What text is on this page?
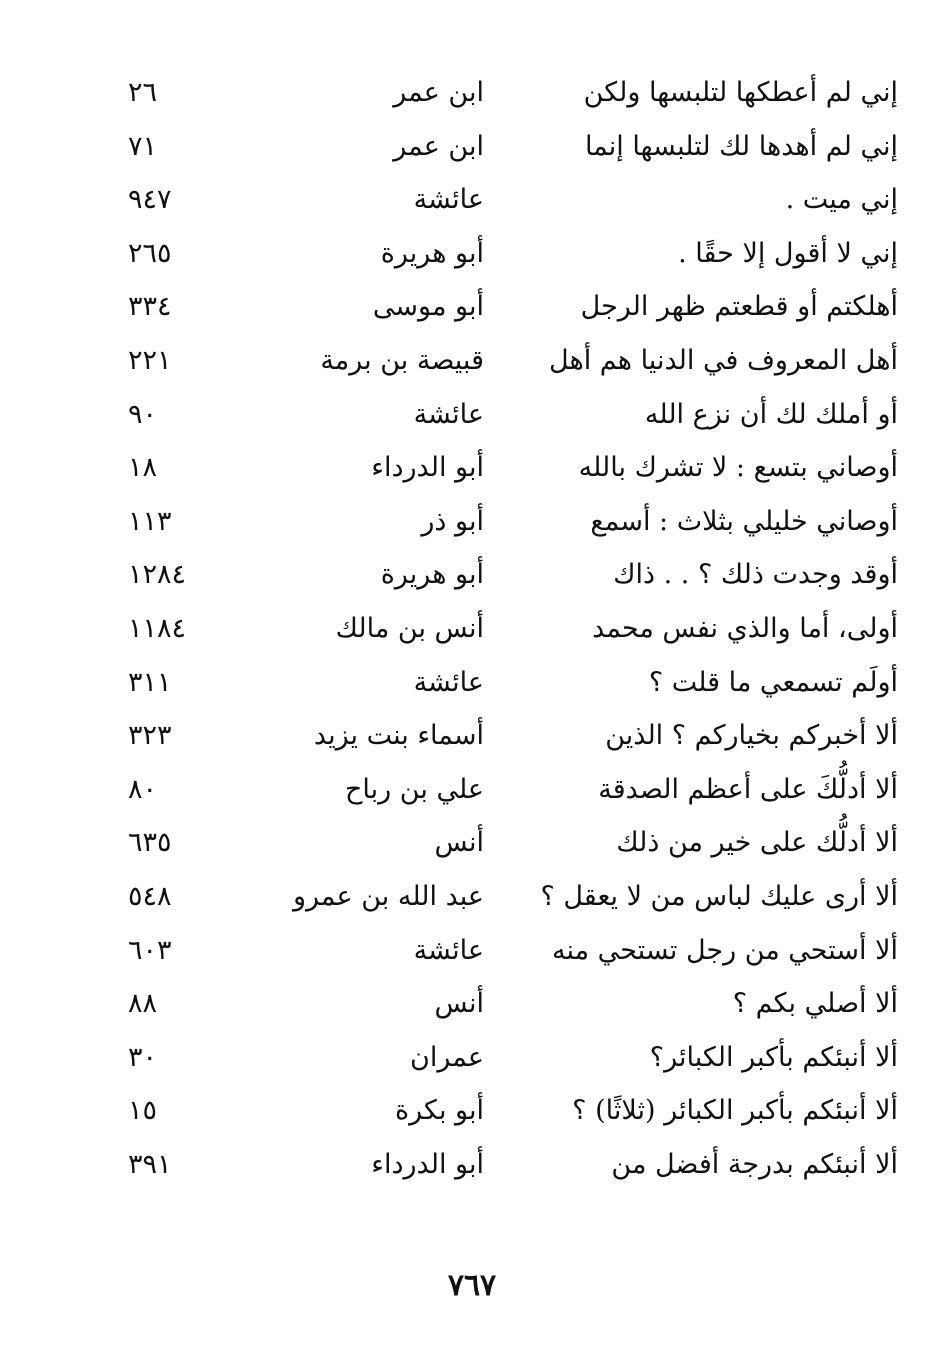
إني لم أعطكها لتلبسها ولكن
ابن عمر
٢٦
إني لم أهدها لك لتلبسها إنما
ابن عمر
٧١
إني ميت .
عائشة
٩٤٧
إني لا أقول إلا حقًا .
أبو هريرة
٢٦٥
أهلكتم أو قطعتم ظهر الرجل
أبو موسى
٣٣٤
أهل المعروف في الدنيا هم أهل
قبيصة بن برمة
٢٢١
أو أملك لك أن نزع الله
عائشة
٩٠
أوصاني بتسع : لا تشرك بالله
أبو الدرداء
١٨
أوصاني خليلي بثلاث : أسمع
أبو ذر
١١٣
أوقد وجدت ذلك ؟ . . ذاك
أبو هريرة
١٢٨٤
أولى، أما والذي نفس محمد
أنس بن مالك
١١٨٤
أولَم تسمعي ما قلت ؟
عائشة
٣١١
ألا أخبركم بخياركم ؟ الذين
أسماء بنت يزيد
٣٢٣
ألا أدلُّكَ على أعظم الصدقة
علي بن رباح
٨٠
ألا أدلُّك على خير من ذلك
أنس
٦٣٥
ألا أرى عليك لباس من لا يعقل ؟
عبد الله بن عمرو
٥٤٨
ألا أستحي من رجل تستحي منه
عائشة
٦٠٣
ألا أصلي بكم ؟
أنس
٨٨
ألا أنبئكم بأكبر الكبائر؟
عمران
٣٠
ألا أنبئكم بأكبر الكبائر (ثلاثًا) ؟
أبو بكرة
١٥
ألا أنبئكم بدرجة أفضل من
أبو الدرداء
٣٩١
٧٦٧
